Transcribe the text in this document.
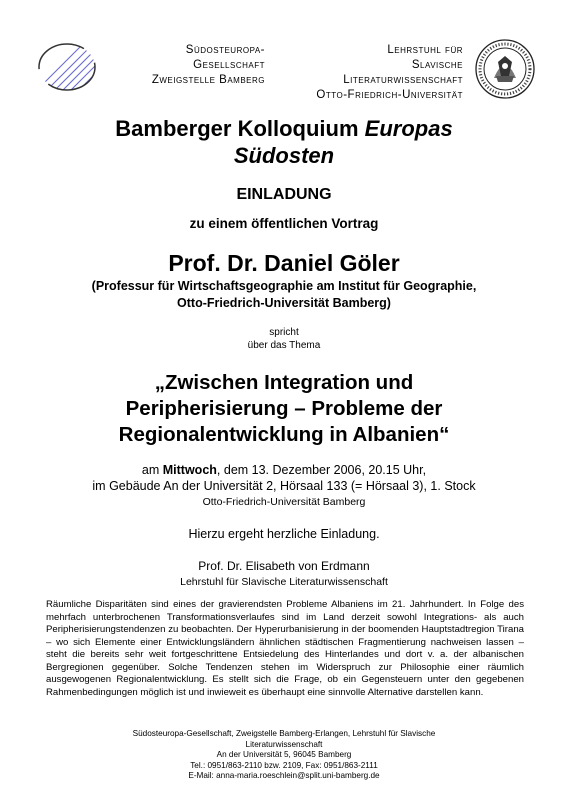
Südosteuropa-
Gesellschaft
Zweigstelle Bamberg
Lehrstuhl für
Slavische
Literaturwissenschaft
Otto-Friedrich-Universität
Bamberger Kolloquium Europas
Südosten
EINLADUNG
zu einem öffentlichen Vortrag
Prof. Dr. Daniel Göler
(Professur für Wirtschaftsgeographie am Institut für Geographie,
Otto-Friedrich-Universität Bamberg)
spricht
über das Thema
„Zwischen Integration und
Peripherisierung – Probleme der
Regionalentwicklung in Albanien“
am Mittwoch, dem 13. Dezember 2006, 20.15 Uhr,
im Gebäude An der Universität 2, Hörsaal 133 (= Hörsaal 3), 1. Stock
Otto-Friedrich-Universität Bamberg
Hierzu ergeht herzliche Einladung.
Prof. Dr. Elisabeth von Erdmann
Lehrstuhl für Slavische Literaturwissenschaft
Räumliche Disparitäten sind eines der gravierendsten Probleme Albaniens im 21. Jahrhundert. In Folge des mehrfach unterbrochenen Transformationsverlaufes sind im Land derzeit sowohl Integrations- als auch Peripherisierungstendenzen zu beobachten. Der Hyperurbanisierung in der boomenden Hauptstadtregion Tirana – wo sich Elemente einer Entwicklungsländern ähnlichen städtischen Fragmentierung nachweisen lassen – steht die bereits sehr weit fortgeschrittene Entsiedelung des Hinterlandes und dort v. a. der albanischen Bergregionen gegenüber. Solche Tendenzen stehen im Widerspruch zur Philosophie einer räumlich ausgewogenen Regionalentwicklung. Es stellt sich die Frage, ob ein Gegensteuern unter den gegebenen Rahmenbedingungen möglich ist und inwieweit es überhaupt eine sinnvolle Alternative darstellen kann.
Südosteuropa-Gesellschaft, Zweigstelle Bamberg-Erlangen, Lehrstuhl für Slavische
Literaturwissenschaft
An der Universität 5, 96045 Bamberg
Tel.: 0951/863-2110 bzw. 2109, Fax: 0951/863-2111
E-Mail: anna-maria.roeschlein@split.uni-bamberg.de
